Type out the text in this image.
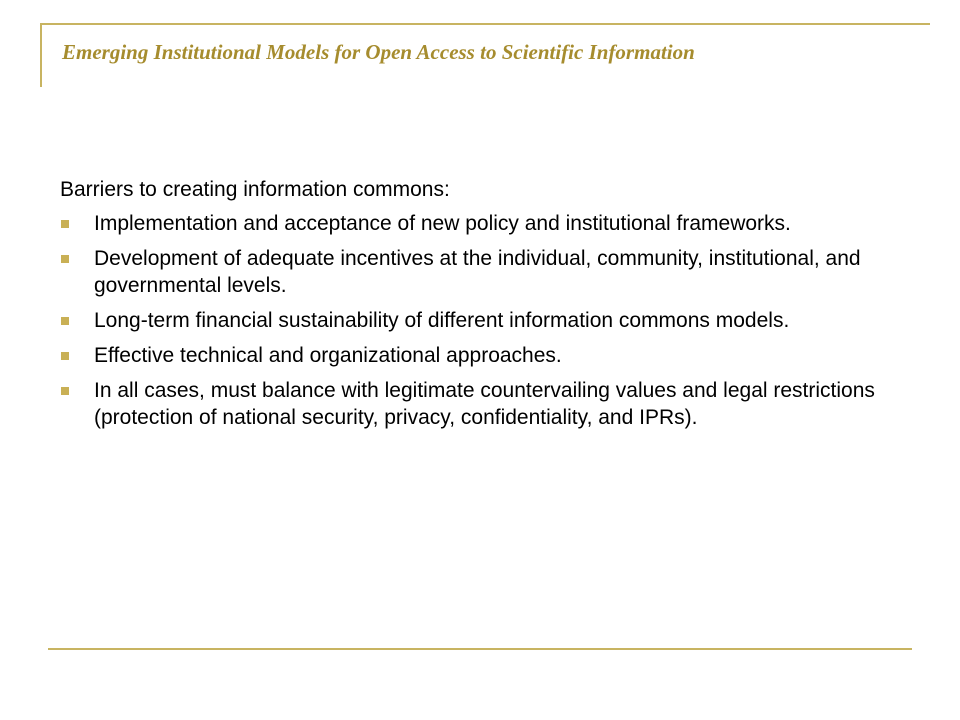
Emerging Institutional Models for Open Access to Scientific Information

Barriers to creating information commons:

Implementation and acceptance of new policy and institutional frameworks.
Development of adequate incentives at the individual, community, institutional, and governmental levels.
Long-term financial sustainability of different information commons models.
Effective technical and organizational approaches.
In all cases, must balance with legitimate countervailing values and legal restrictions (protection of national security, privacy, confidentiality, and IPRs).
